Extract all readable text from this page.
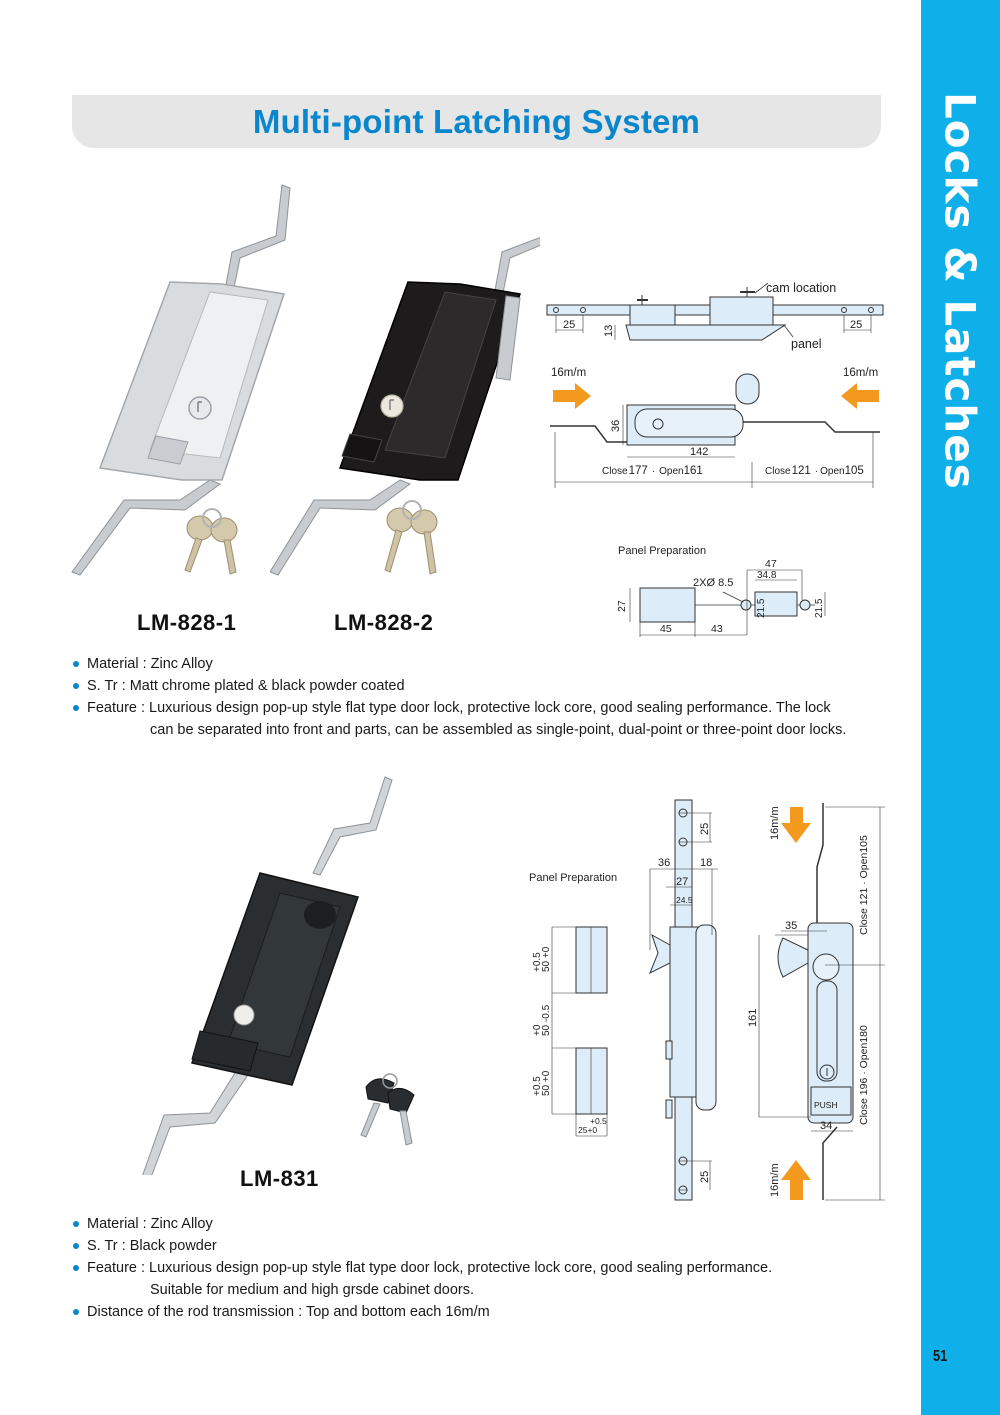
Locks & Latches
51
Multi-point Latching System
LM-828-1	LM-828-2
cam location
panel
25	25
13
16m/m	16m/m
36
142
Close177 · Open161	Close121 · Open105
Panel Preparation
2XØ 8.5
47
34.8
27	21.5	21.5
45	43
Material : Zinc Alloy
S. Tr : Matt chrome plated & black powder coated
Feature : Luxurious design pop-up style flat type door lock, protective lock core, good sealing performance. The lock
can be separated into front and parts, can be assembled as single-point, dual-point or three-point door locks.
LM-831
Panel Preparation
+0.5
50 +0
+0
50 -0.5
+0.5
50 +0
+0.5
25+0
25
36	18
27
24.5
25
16m/m
16m/m
PUSH
35
161
34
Close 121 · Open105
Close 196 · Open180
Material : Zinc Alloy
S. Tr : Black powder
Feature : Luxurious design pop-up style flat type door lock, protective lock core, good sealing performance.
Suitable for medium and high grsde cabinet doors.
Distance of the rod transmission : Top and bottom each 16m/m
